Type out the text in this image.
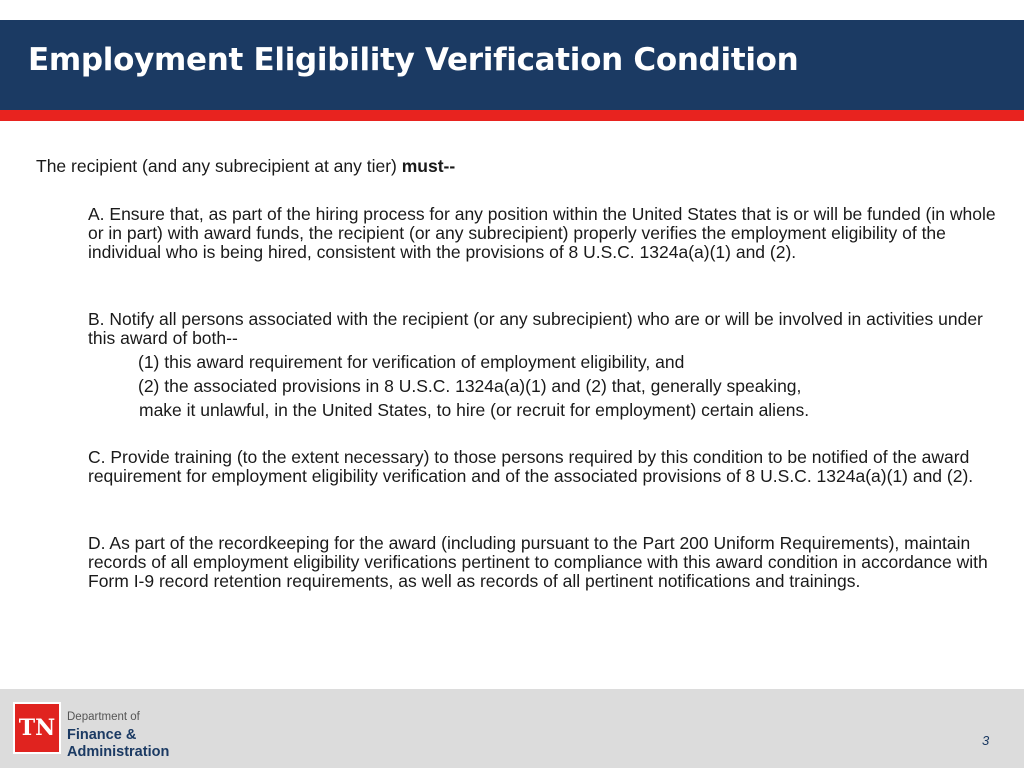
Employment Eligibility Verification Condition
The recipient (and any subrecipient at any tier) must--
A. Ensure that, as part of the hiring process for any position within the United States that is or will be funded (in whole or in part) with award funds, the recipient (or any subrecipient) properly verifies the employment eligibility of the individual who is being hired, consistent with the provisions of 8 U.S.C. 1324a(a)(1) and (2).
B. Notify all persons associated with the recipient (or any subrecipient) who are or will be involved in activities under this award of both--
(1) this award requirement for verification of employment eligibility, and
(2) the associated provisions in 8 U.S.C. 1324a(a)(1) and (2) that, generally speaking,
make it unlawful, in the United States, to hire (or recruit for employment) certain aliens.
C. Provide training (to the extent necessary) to those persons required by this condition to be notified of the award requirement for employment eligibility verification and of the associated provisions of 8 U.S.C. 1324a(a)(1) and (2).
D. As part of the recordkeeping for the award (including pursuant to the Part 200 Uniform Requirements), maintain records of all employment eligibility verifications pertinent to compliance with this award condition in accordance with Form I-9 record retention requirements, as well as records of all pertinent notifications and trainings.
TN	Department of
Finance &
Administration
3
